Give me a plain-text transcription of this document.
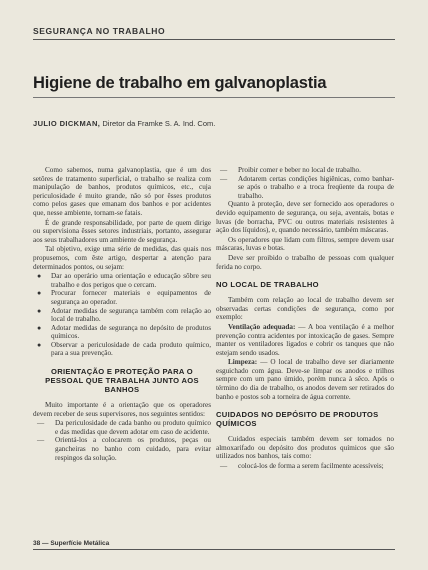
SEGURANÇA NO TRABALHO
Higiene de trabalho em galvanoplastia
JULIO DICKMAN, Diretor da Framke S. A. Ind. Com.

Como sabemos, numa galvanoplastia, que é um dos setôres de tratamento superficial, o trabalho se realiza com manipulação de banhos, produtos químicos, etc., cuja periculosidade é muito grande, não só por êsses produtos como pelos gases que emanam dos banhos e por acidentes que, nesse ambiente, tornam-se fatais.

É de grande responsabilidade, por parte de quem dirige ou supervisiona êsses setores industriais, portanto, assegurar aos seus trabalhadores um ambiente de segurança.

Tal objetivo, exige uma série de medidas, das quais nos propusemos, com êste artigo, despertar a atenção para determinados pontos, ou sejam:

●	Dar ao operário uma orientação e educação sôbre seu trabalho e dos perigos que o cercam.
●	Procurar fornecer materiais e equipamentos de segurança ao operador.
●	Adotar medidas de segurança também com relação ao local de trabalho.
●	Adotar medidas de segurança no depósito de produtos químicos.
●	Observar a periculosidade de cada produto químico, para a sua prevenção.
ORIENTAÇÃO E PROTEÇÃO PARA O PESSOAL QUE TRABALHA JUNTO AOS BANHOS

Muito importante é a orientação que os operadores devem receber de seus supervisores, nos seguintes sentidos:

—	Da periculosidade de cada banho ou produto químico e das medidas que devem adotar em caso de acidente.
—	Orientá-los a colocarem os produtos, peças ou gancheiras no banho com cuidado, para evitar respingos da solução.
—	Proibir comer e beber no local de trabalho.
—	Adotarem certas condições higiênicas, como banhar-se após o trabalho e a troca freqüente da roupa de trabalho.

Quanto à proteção, deve ser fornecido aos operadores o devido equipamento de segurança, ou seja, aventais, botas e luvas (de borracha, PVC ou outros materiais resistentes à ação dos líquidos), e, quando necessário, também máscaras.

Os operadores que lidam com filtros, sempre devem usar máscaras, luvas e botas.

Deve ser proibido o trabalho de pessoas com qualquer ferida no corpo.

NO LOCAL DE TRABALHO

Também com relação ao local de trabalho devem ser observadas certas condições de segurança, como por exemplo:

Ventilação adequada: — A boa ventilação é a melhor prevenção contra acidentes por intoxicação de gases. Sempre manter os ventiladores ligados e cobrir os tanques que não estejam sendo usados.

Limpeza: — O local de trabalho deve ser diariamente esguichado com água. Deve-se limpar os anodos e trilhos sempre com um pano úmido, porém nunca à sêco. Após o término do dia de trabalho, os anodos devem ser retirados do banho e postos sob a torneira de água corrente.

CUIDADOS NO DEPÓSITO DE PRODUTOS QUÍMICOS

Cuidados especiais também devem ser tomados no almoxarifado ou depósito dos produtos químicos que são utilizados nos banhos, tais como:

—	colocá-los de forma a serem facilmente acessíveis;
38 — Superfície Metálica
